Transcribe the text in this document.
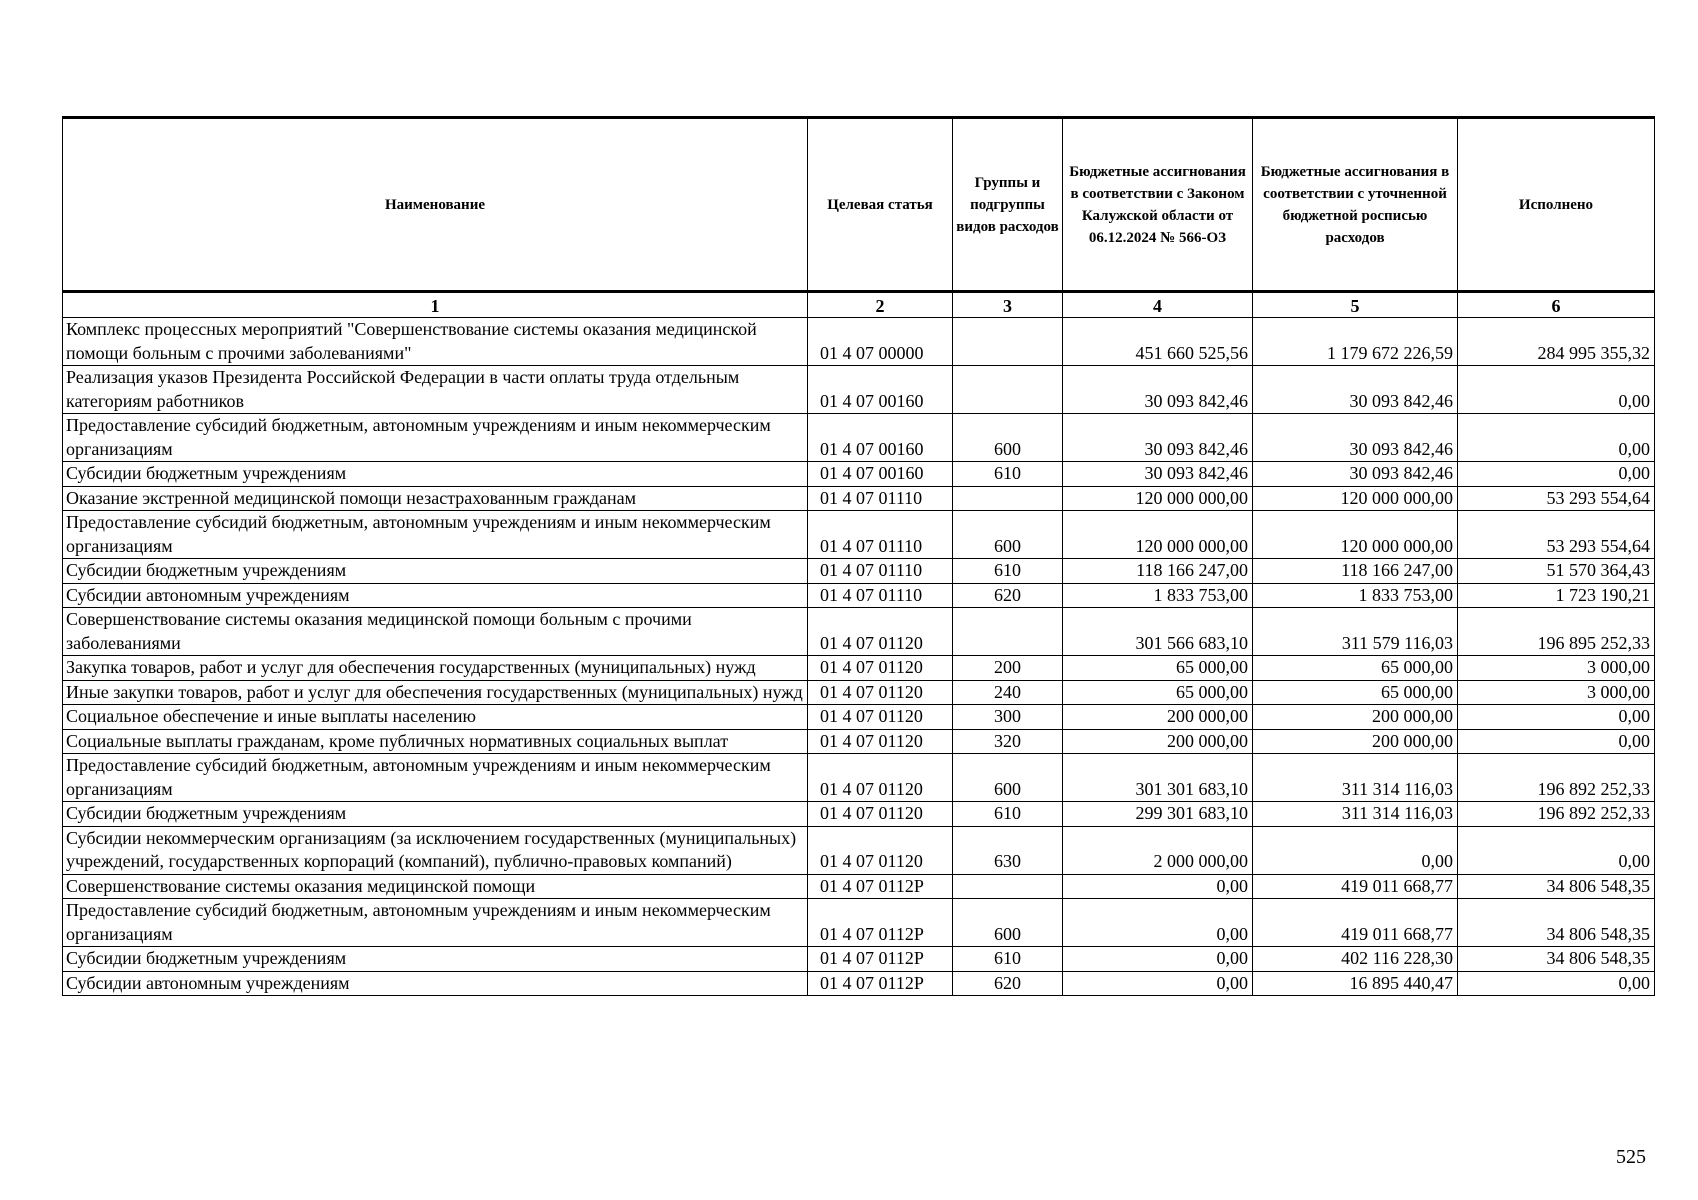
Наименование	Целевая статья	Группы и подгруппы видов расходов	Бюджетные ассигнования в соответствии с Законом Калужской области от 06.12.2024 № 566-ОЗ	Бюджетные ассигнования в соответствии с уточненной бюджетной росписью расходов	Исполнено
1	2	3	4	5	6
Комплекс процессных мероприятий "Совершенствование системы оказания медицинской помощи больным с прочими заболеваниями"	01 4 07 00000		451 660 525,56	1 179 672 226,59	284 995 355,32
Реализация указов Президента Российской Федерации в части оплаты труда отдельным категориям работников	01 4 07 00160		30 093 842,46	30 093 842,46	0,00
Предоставление субсидий бюджетным, автономным учреждениям и иным некоммерческим организациям	01 4 07 00160	600	30 093 842,46	30 093 842,46	0,00
Субсидии бюджетным учреждениям	01 4 07 00160	610	30 093 842,46	30 093 842,46	0,00
Оказание экстренной медицинской помощи незастрахованным гражданам	01 4 07 01110		120 000 000,00	120 000 000,00	53 293 554,64
Предоставление субсидий бюджетным, автономным учреждениям и иным некоммерческим организациям	01 4 07 01110	600	120 000 000,00	120 000 000,00	53 293 554,64
Субсидии бюджетным учреждениям	01 4 07 01110	610	118 166 247,00	118 166 247,00	51 570 364,43
Субсидии автономным учреждениям	01 4 07 01110	620	1 833 753,00	1 833 753,00	1 723 190,21
Совершенствование системы оказания медицинской помощи больным с прочими заболеваниями	01 4 07 01120		301 566 683,10	311 579 116,03	196 895 252,33
Закупка товаров, работ и услуг для обеспечения государственных (муниципальных) нужд	01 4 07 01120	200	65 000,00	65 000,00	3 000,00
Иные закупки товаров, работ и услуг для обеспечения государственных (муниципальных) нужд	01 4 07 01120	240	65 000,00	65 000,00	3 000,00
Социальное обеспечение и иные выплаты населению	01 4 07 01120	300	200 000,00	200 000,00	0,00
Социальные выплаты гражданам, кроме публичных нормативных социальных выплат	01 4 07 01120	320	200 000,00	200 000,00	0,00
Предоставление субсидий бюджетным, автономным учреждениям и иным некоммерческим организациям	01 4 07 01120	600	301 301 683,10	311 314 116,03	196 892 252,33
Субсидии бюджетным учреждениям	01 4 07 01120	610	299 301 683,10	311 314 116,03	196 892 252,33
Субсидии некоммерческим организациям (за исключением государственных (муниципальных) учреждений, государственных корпораций (компаний), публично-правовых компаний)	01 4 07 01120	630	2 000 000,00	0,00	0,00
Совершенствование системы оказания медицинской помощи	01 4 07 0112Р		0,00	419 011 668,77	34 806 548,35
Предоставление субсидий бюджетным, автономным учреждениям и иным некоммерческим организациям	01 4 07 0112Р	600	0,00	419 011 668,77	34 806 548,35
Субсидии бюджетным учреждениям	01 4 07 0112Р	610	0,00	402 116 228,30	34 806 548,35
Субсидии автономным учреждениям	01 4 07 0112Р	620	0,00	16 895 440,47	0,00
525
